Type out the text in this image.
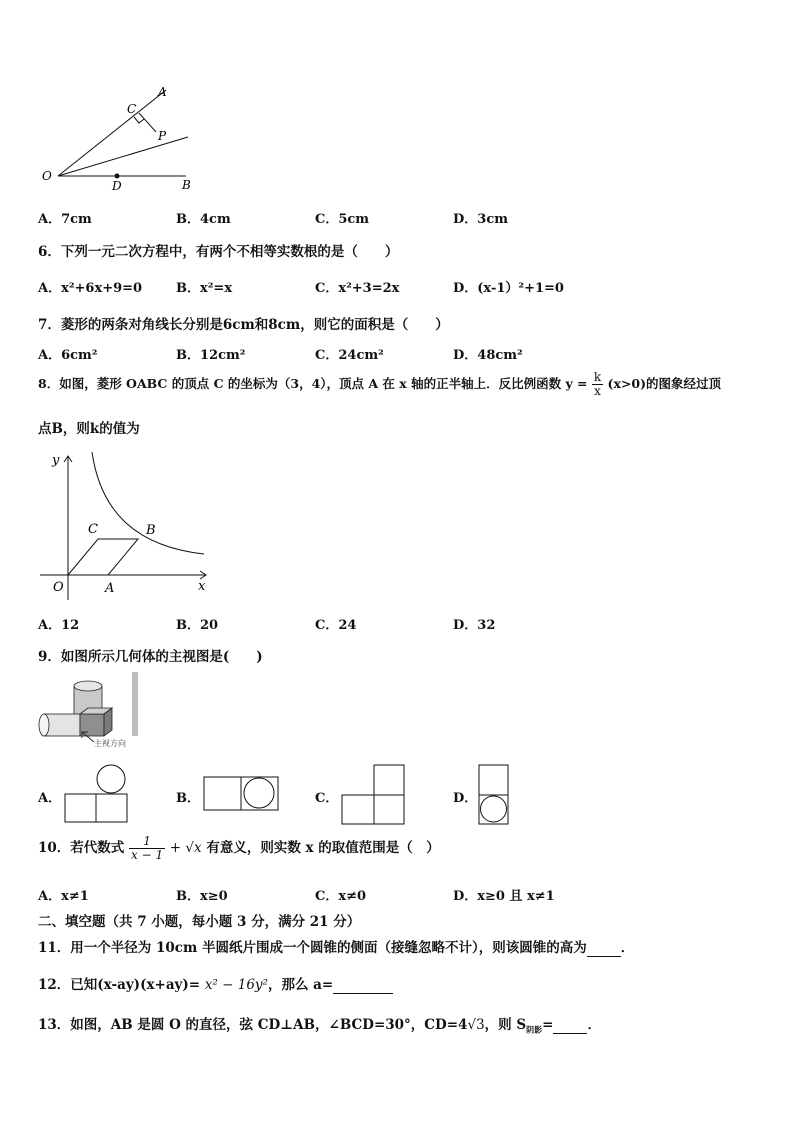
A
C
P
O
D	B
A．7cm	B．4cm	C．5cm	D．3cm
6．下列一元二次方程中，有两个不相等实数根的是（　　）
A．x²+6x+9=0	B．x²=x	C．x²+3=2x	D．(x-1）²+1=0
7．菱形的两条对角线长分别是6cm和8cm，则它的面积是（　　）
A．6cm²	B．12cm²	C．24cm²	D．48cm²
8．如图，菱形 OABC 的顶点 C 的坐标为（3，4），顶点 A 在 x 轴的正半轴上．反比例函数 $y = \frac{k}{x} (x>0)$的图象经过顶
点B，则k的值为
y
x
O	A
C	B
A．12	B．20	C．24	D．32
9．如图所示几何体的主视图是(　　)
主视方向
A．	B．	C．	D．
10．若代数式 $\frac{1}{x - 1} + √x$ 有意义，则实数 x 的取值范围是（　）
A．x≠1	B．x≥0	C．x≠0	D．x≥0 且 x≠1
二、填空题（共 7 小题，每小题 3 分，满分 21 分）
11．用一个半径为 10cm 半圆纸片围成一个圆锥的侧面（接缝忽略不计），则该圆锥的高为	．
12．已知(x-ay)(x+ay)= x² − 16y²，那么 a=
13．如图，AB 是圆 O 的直径，弦 CD⊥AB，∠BCD=30°，CD=4√3，则 $S_{阴影}=$	．
